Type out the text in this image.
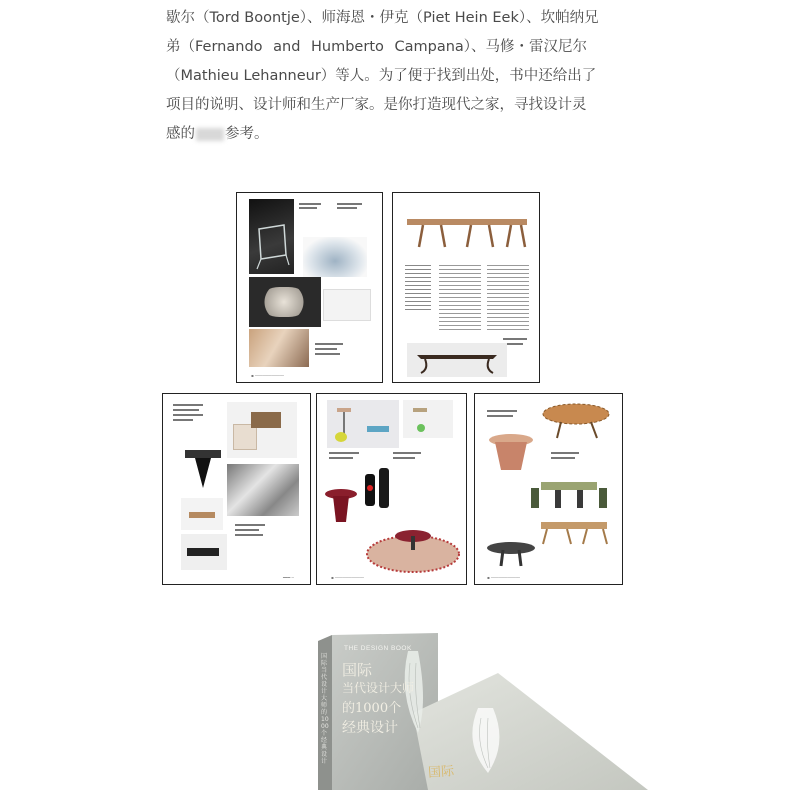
歇尔（Tord Boontje）、师海恩・伊克（Piet Hein Eek）、坎帕纳兄

弟（Fernando and Humberto Campana）、马修・雷汉尼尔

（Mathieu Lehanneur）等人。为了便于找到出处，书中还给出了

项目的说明、设计师和生产厂家。是你打造现代之家，寻找设计灵

感的 参考。

▪ ────────────
═══ ─	▪ ────────────	▪ ────────────
THE DESIGN BOOK
国际
当代设计大师
的1000个
经典设计
国际当代设计大师的1000个经典设计
国际
